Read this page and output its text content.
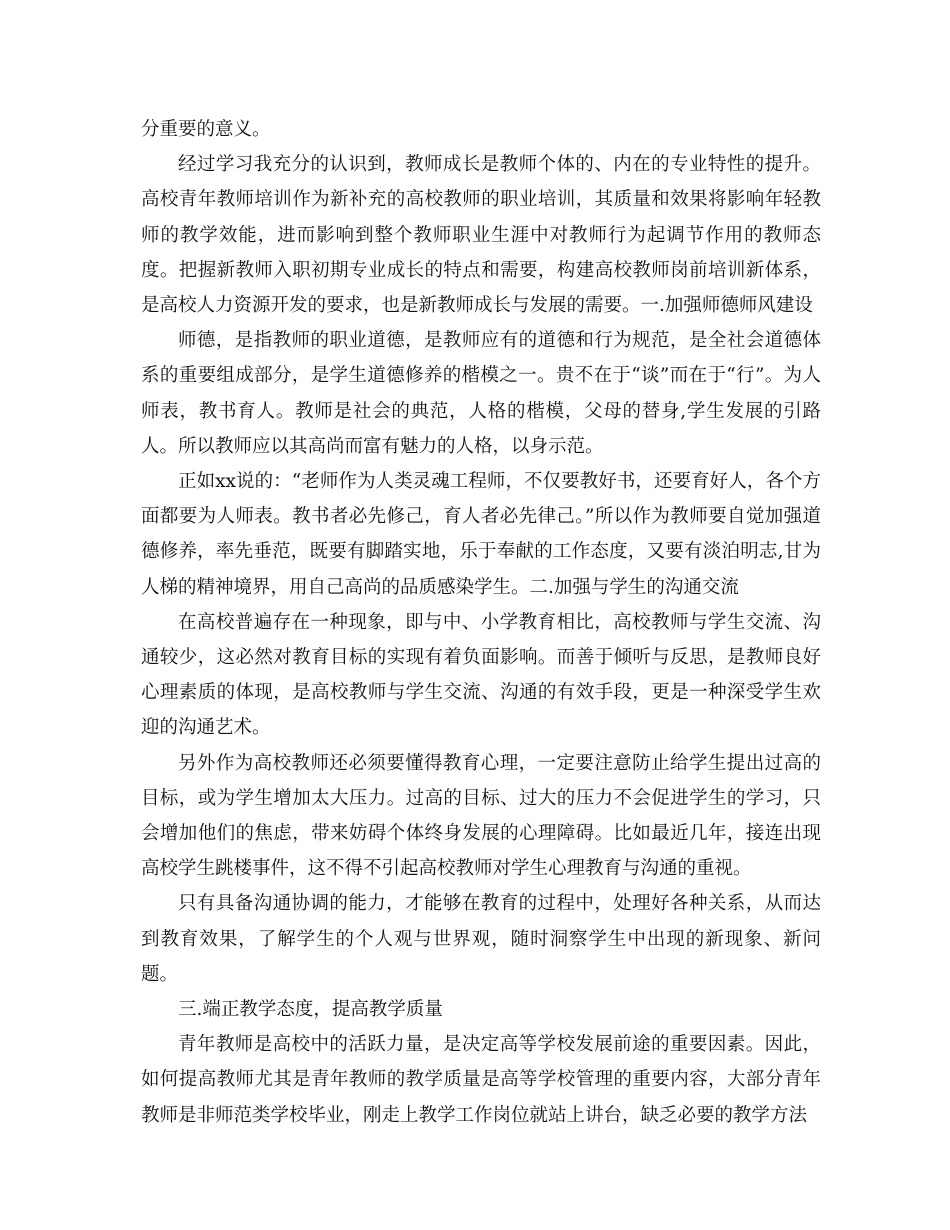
分重要的意义。

经过学习我充分的认识到，教师成长是教师个体的、内在的专业特性的提升。高校青年教师培训作为新补充的高校教师的职业培训，其质量和效果将影响年轻教师的教学效能，进而影响到整个教师职业生涯中对教师行为起调节作用的教师态度。把握新教师入职初期专业成长的特点和需要，构建高校教师岗前培训新体系，是高校人力资源开发的要求，也是新教师成长与发展的需要。一.加强师德师风建设

师德，是指教师的职业道德，是教师应有的道德和行为规范，是全社会道德体系的重要组成部分，是学生道德修养的楷模之一。贵不在于“谈”而在于“行”。为人师表，教书育人。教师是社会的典范，人格的楷模，父母的替身,学生发展的引路人。所以教师应以其高尚而富有魅力的人格，以身示范。

正如xx说的：“老师作为人类灵魂工程师，不仅要教好书，还要育好人，各个方面都要为人师表。教书者必先修己，育人者必先律己。”所以作为教师要自觉加强道德修养，率先垂范，既要有脚踏实地，乐于奉献的工作态度，又要有淡泊明志,甘为人梯的精神境界，用自己高尚的品质感染学生。二.加强与学生的沟通交流

在高校普遍存在一种现象，即与中、小学教育相比，高校教师与学生交流、沟通较少，这必然对教育目标的实现有着负面影响。而善于倾听与反思，是教师良好心理素质的体现，是高校教师与学生交流、沟通的有效手段，更是一种深受学生欢迎的沟通艺术。

另外作为高校教师还必须要懂得教育心理，一定要注意防止给学生提出过高的目标，或为学生增加太大压力。过高的目标、过大的压力不会促进学生的学习，只会增加他们的焦虑，带来妨碍个体终身发展的心理障碍。比如最近几年，接连出现高校学生跳楼事件，这不得不引起高校教师对学生心理教育与沟通的重视。

只有具备沟通协调的能力，才能够在教育的过程中，处理好各种关系，从而达到教育效果，了解学生的个人观与世界观，随时洞察学生中出现的新现象、新问题。

三.端正教学态度，提高教学质量

青年教师是高校中的活跃力量，是决定高等学校发展前途的重要因素。因此，如何提高教师尤其是青年教师的教学质量是高等学校管理的重要内容，大部分青年教师是非师范类学校毕业，刚走上教学工作岗位就站上讲台，缺乏必要的教学方法
